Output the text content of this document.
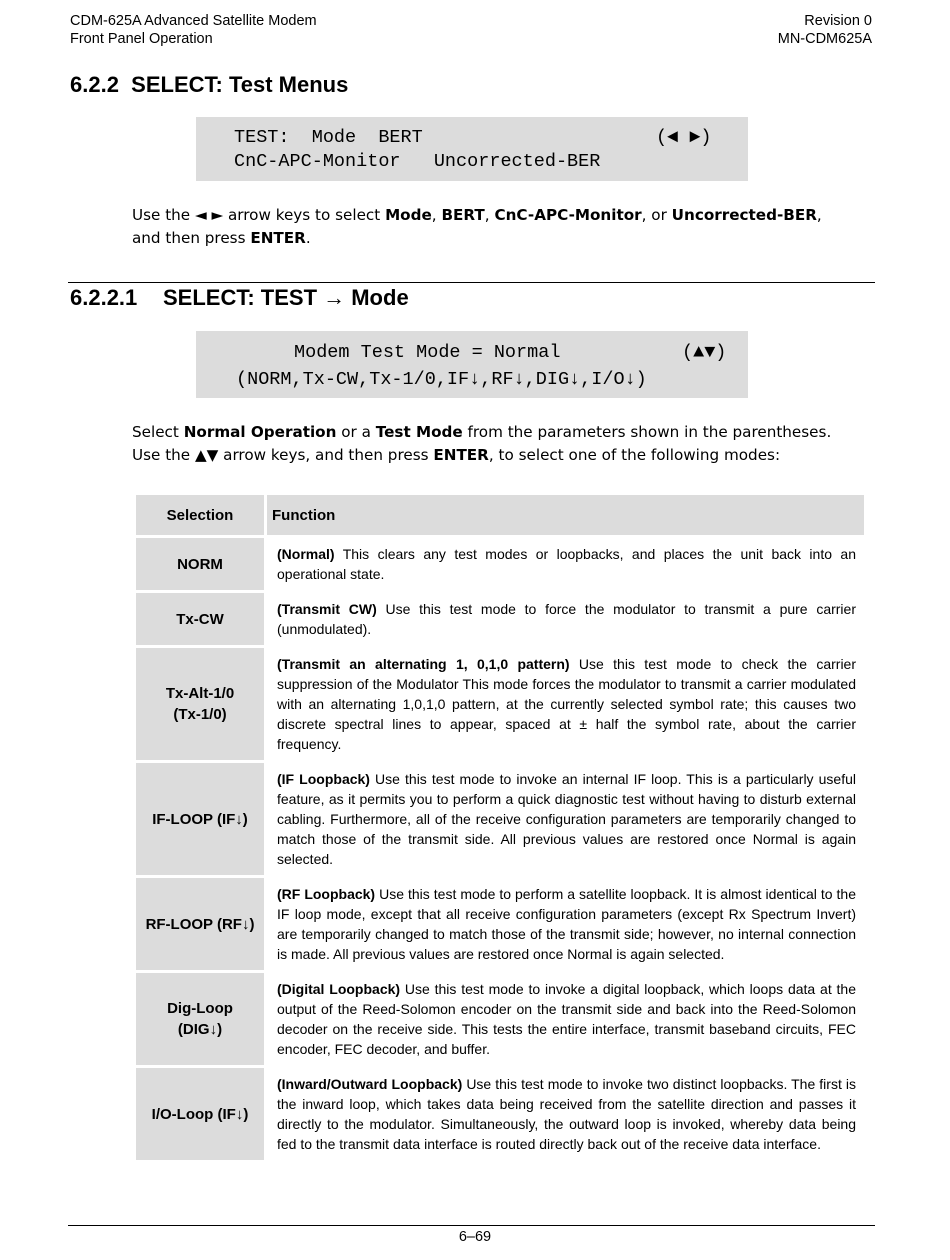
CDM-625A Advanced Satellite Modem
Front Panel Operation
Revision 0
MN-CDM625A
6.2.2 SELECT: Test Menus
TEST:  Mode  BERT	(◄ ►)
CnC-APC-Monitor   Uncorrected-BER
Use the ◄ ► arrow keys to select Mode, BERT, CnC-APC-Monitor, or Uncorrected-BER, and then press ENTER.
6.2.2.1 SELECT: TEST → Mode
Modem Test Mode = Normal	(▲▼)
(NORM,Tx-CW,Tx-1/0,IF↓,RF↓,DIG↓,I/O↓)
Select Normal Operation or a Test Mode from the parameters shown in the parentheses. Use the ▲▼ arrow keys, and then press ENTER, to select one of the following modes:
Selection	Function

NORM	(Normal) This clears any test modes or loopbacks, and places the unit back into an operational state.

Tx-CW	(Transmit CW) Use this test mode to force the modulator to transmit a pure carrier (unmodulated).

Tx-Alt-1/0
(Tx-1/0)	(Transmit an alternating 1, 0,1,0 pattern) Use this test mode to check the carrier suppression of the Modulator This mode forces the modulator to transmit a carrier modulated with an alternating 1,0,1,0 pattern, at the currently selected symbol rate; this causes two discrete spectral lines to appear, spaced at ± half the symbol rate, about the carrier frequency.

IF-LOOP (IF↓)	(IF Loopback) Use this test mode to invoke an internal IF loop. This is a particularly useful feature, as it permits you to perform a quick diagnostic test without having to disturb external cabling. Furthermore, all of the receive configuration parameters are temporarily changed to match those of the transmit side. All previous values are restored once Normal is again selected.

RF-LOOP (RF↓)	(RF Loopback) Use this test mode to perform a satellite loopback. It is almost identical to the IF loop mode, except that all receive configuration parameters (except Rx Spectrum Invert) are temporarily changed to match those of the transmit side; however, no internal connection is made. All previous values are restored once Normal is again selected.

Dig-Loop
(DIG↓)	(Digital Loopback) Use this test mode to invoke a digital loopback, which loops data at the output of the Reed-Solomon encoder on the transmit side and back into the Reed-Solomon decoder on the receive side. This tests the entire interface, transmit baseband circuits, FEC encoder, FEC decoder, and buffer.

I/O-Loop (IF↓)	(Inward/Outward Loopback) Use this test mode to invoke two distinct loopbacks. The first is the inward loop, which takes data being received from the satellite direction and passes it directly to the modulator. Simultaneously, the outward loop is invoked, whereby data being fed to the transmit data interface is routed directly back out of the receive data interface.
6–69
